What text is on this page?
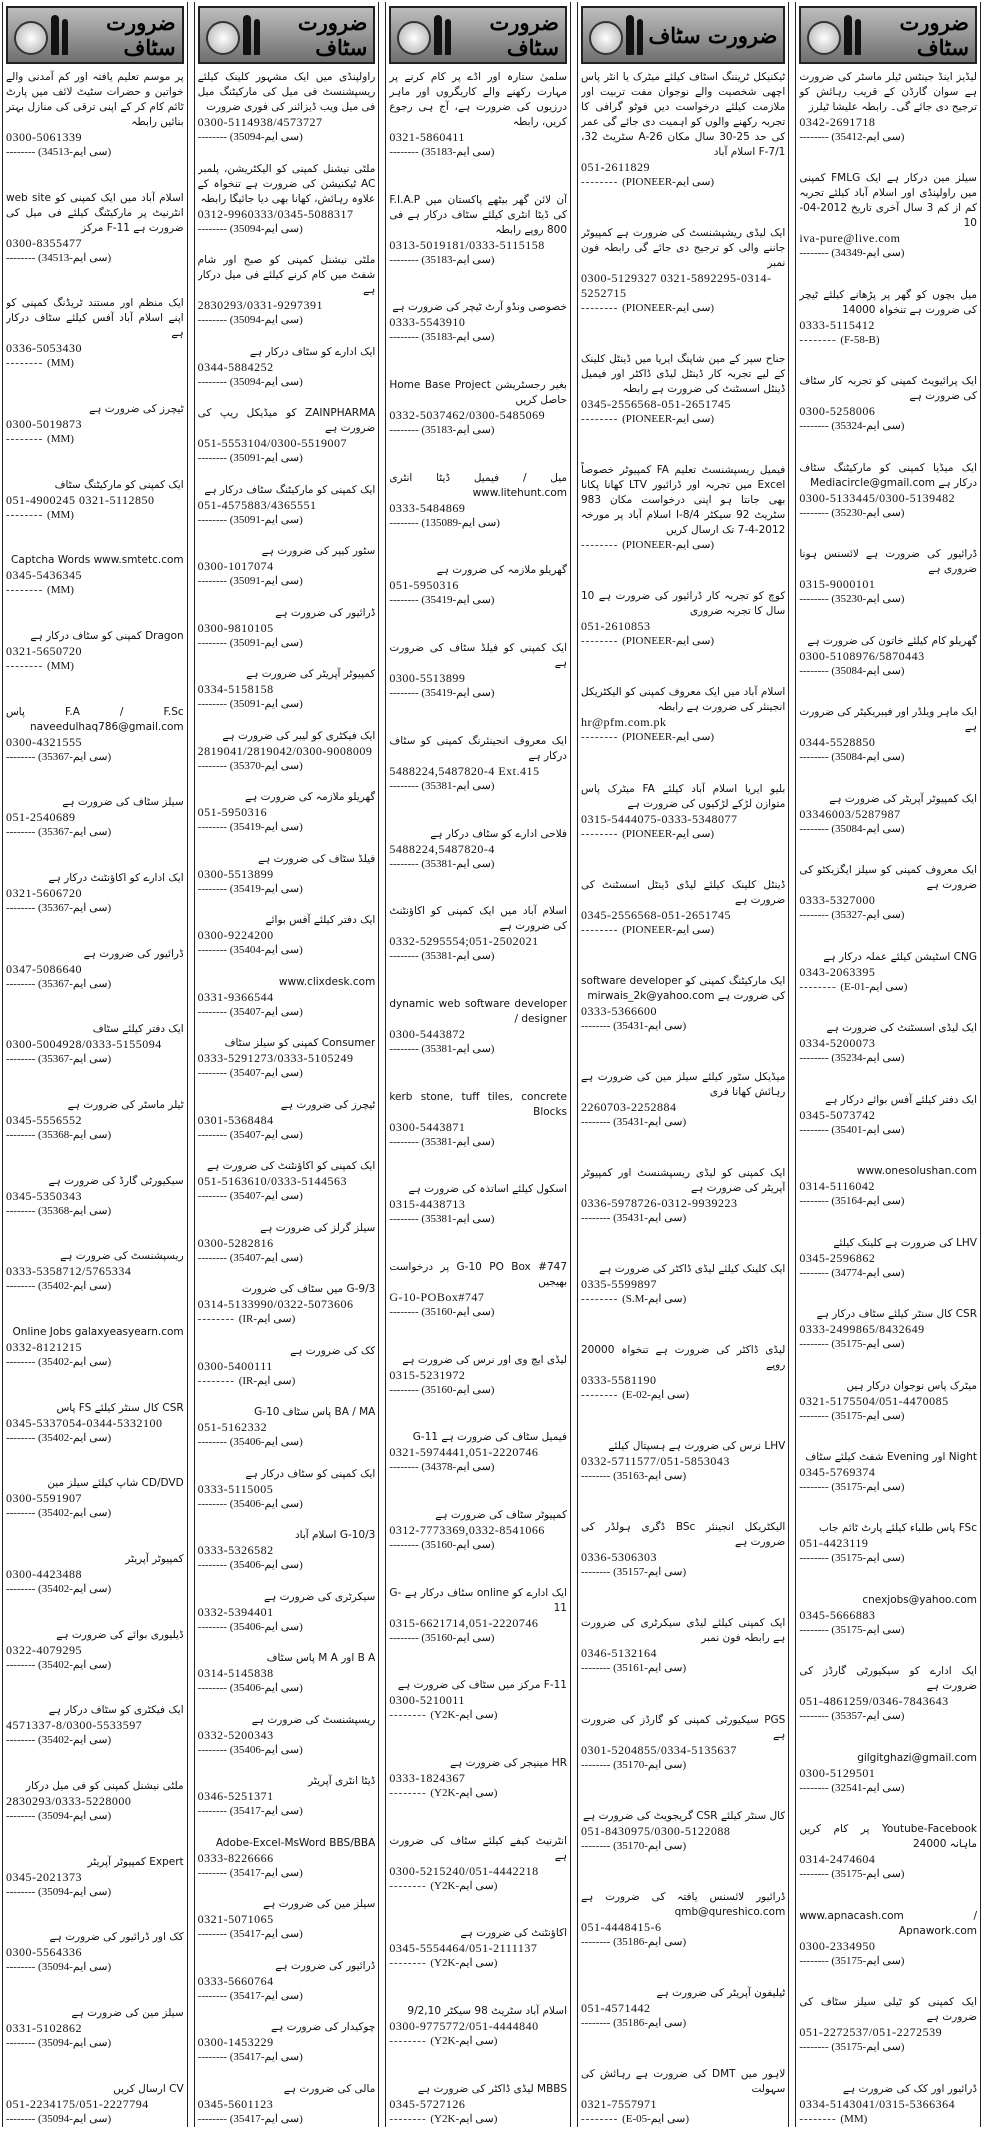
ضرورت سٹاف
لیڈیز اینڈ جینٹس ٹیلر ماسٹر کی ضرورت ہے سوان گارڈن کے قریب رہائش کو ترجیح دی جائے گی۔ رابطہ علیشا ٹیلرز
0342-2691718
----- (35412-سی ایم)
سیلز مین درکار ہے ایک FMLG کمپنی میں راولپنڈی اور اسلام آباد کیلئے تجربہ کم از کم 3 سال آخری تاریخ 2012-04-10
iva-pure@live.com
----- (34349-سی ایم)
میل بچوں کو گھر پر پڑھانے کیلئے ٹیچر کی ضرورت ہے تنخواہ 14000
0333-5115412
----- (F-58-B)
ایک پرائیویٹ کمپنی کو تجربہ کار سٹاف کی ضرورت ہے
0300-5258006
----- (35324-سی ایم)
ایک میڈیا کمپنی کو مارکیٹنگ سٹاف درکار ہے Mediacircle@gmail.com
0300-5133445/0300-5139482
----- (35230-سی ایم)
ڈرائیور کی ضرورت ہے لائسنس ہونا ضروری ہے
0315-9000101
----- (35230-سی ایم)
گھریلو کام کیلئے خاتون کی ضرورت ہے
0300-5108976/5870443
----- (35084-سی ایم)
ایک ماہر ویلڈر اور فیبریکیٹر کی ضرورت ہے
0344-5528850
----- (35084-سی ایم)
ایک کمپیوٹر آپریٹر کی ضرورت ہے
03346003/5287987
----- (35084-سی ایم)
ایک معروف کمپنی کو سیلز ایگزیکٹو کی ضرورت ہے
0333-5327000
----- (35327-سی ایم)
CNG اسٹیشن کیلئے عملہ درکار ہے
0343-2063395
----- (E-01-سی ایم)
ایک لیڈی اسسٹنٹ کی ضرورت ہے
0334-5200073
----- (35234-سی ایم)
ایک دفتر کیلئے آفس بوائے درکار ہے
0345-5073742
----- (35401-سی ایم)
www.onesolushan.com
0314-5116042
----- (35164-سی ایم)
LHV کی ضرورت ہے کلینک کیلئے
0345-2596862
----- (34774-سی ایم)
CSR کال سنٹر کیلئے سٹاف درکار ہے
0333-2499865/8432649
----- (35175-سی ایم)
میٹرک پاس نوجوان درکار ہیں
0321-5175504/051-4470085
----- (35175-سی ایم)
Night اور Evening شفٹ کیلئے سٹاف
0345-5769374
----- (35175-سی ایم)
FSc پاس طلباء کیلئے پارٹ ٹائم جاب
051-4423119
----- (35175-سی ایم)
cnexjobs@yahoo.com
0345-5666883
----- (35175-سی ایم)
ایک ادارے کو سیکیورٹی گارڈز کی ضرورت ہے
051-4861259/0346-7843643
----- (35357-سی ایم)
gilgitghazi@gmail.com
0300-5129501
----- (32541-سی ایم)
Youtube-Facebook پر کام کریں ماہانہ 24000
0314-2474604
----- (35175-سی ایم)
www.apnacash.com / Apnawork.com
0300-2334950
----- (35175-سی ایم)
ایک کمپنی کو ٹیلی سیلز سٹاف کی ضرورت ہے
051-2272537/051-2272539
----- (35175-سی ایم)
ڈرائیور اور کک کی ضرورت ہے
0334-5143041/0315-5366364
----- (MM)
ضرورت سٹاف
ٹیکنیکل ٹریننگ اسٹاف کیلئے میٹرک یا انٹر پاس اچھی شخصیت والے نوجوان مفت تربیت اور ملازمت کیلئے درخواست دیں فوٹو گرافی کا تجربہ رکھنے والوں کو اہمیت دی جائے گی عمر کی حد 25-30 سال مکان A-26 سٹریٹ 32، F-7/1 اسلام آباد
051-2611829
----- (PIONEER-سی ایم)
ایک لیڈی ریشپشنسٹ کی ضرورت ہے کمپیوٹر جاننے والی کو ترجیح دی جائے گی رابطہ فون نمبر
0300-5129327 0321-5892295-0314-5252715
----- (PIONEER-سی ایم)
جناح سپر کے مین شاپنگ ایریا میں ڈینٹل کلینک کے لیے تجربہ کار ڈینٹل لیڈی ڈاکٹر اور فیمیل ڈینٹل اسسٹنٹ کی ضرورت ہے رابطہ
0345-2556568-051-2651745
----- (PIONEER-سی ایم)
فیمیل ریسپشنسٹ تعلیم FA کمپیوٹر خصوصاً Excel میں تجربہ اور ڈرائیور LTV کھانا پکانا بھی جانتا ہو اپنی درخواست مکان 983 سٹریٹ 92 سیکٹر I-8/4 اسلام آباد پر مورخہ 2012-4-7 تک ارسال کریں
----- (PIONEER-سی ایم)
کوچ کو تجربہ کار ڈرائیور کی ضرورت ہے 10 سال کا تجربہ ضروری
051-2610853
----- (PIONEER-سی ایم)
اسلام آباد میں ایک معروف کمپنی کو الیکٹریکل انجینئر کی ضرورت ہے رابطہ
hr@pfm.com.pk
----- (PIONEER-سی ایم)
بلیو ایریا اسلام آباد کیلئے FA میٹرک پاس متوازن لڑکے لڑکیوں کی ضرورت ہے
0315-5444075-0333-5348077
----- (PIONEER-سی ایم)
ڈینٹل کلینک کیلئے لیڈی ڈینٹل اسسٹنٹ کی ضرورت ہے
0345-2556568-051-2651745
----- (PIONEER-سی ایم)
ایک مارکیٹنگ کمپنی کو software developer کی ضرورت ہے mirwais_2k@yahoo.com
0333-5366600
----- (35431-سی ایم)
میڈیکل سٹور کیلئے سیلز مین کی ضرورت ہے رہائش کھانا فری
2260703-2252884
----- (35431-سی ایم)
ایک کمپنی کو لیڈی ریسپشنسٹ اور کمپیوٹر آپریٹر کی ضرورت ہے
0336-5978726-0312-9939223
----- (35431-سی ایم)
ایک کلینک کیلئے لیڈی ڈاکٹر کی ضرورت ہے
0335-5599897
----- (S.M-سی ایم)
لیڈی ڈاکٹر کی ضرورت ہے تنخواہ 20000 روپے
0333-5581190
----- (E-02-سی ایم)
LHV نرس کی ضرورت ہے ہسپتال کیلئے
0332-5711577/051-5853043
----- (35163-سی ایم)
الیکٹریکل انجینئر BSc ڈگری ہولڈر کی ضرورت ہے
0336-5306303
----- (35157-سی ایم)
ایک کمپنی کیلئے لیڈی سیکرٹری کی ضرورت ہے رابطہ فون نمبر
0346-5132164
----- (35161-سی ایم)
PGS سیکیورٹی کمپنی کو گارڈز کی ضرورت ہے
0301-5204855/0334-5135637
----- (35170-سی ایم)
کال سنٹر کیلئے CSR گریجویٹ کی ضرورت ہے
051-8430975/0300-5122088
----- (35170-سی ایم)
ڈرائیور لائسنس یافتہ کی ضرورت ہے qmb@qureshico.com
051-4448415-6
----- (35186-سی ایم)
ٹیلیفون آپریٹر کی ضرورت ہے
051-4571442
----- (35186-سی ایم)
لاہور میں DMT کی ضرورت ہے رہائش کی سہولت
0321-7557971
----- (E-05-سی ایم)
ضرورت سٹاف
سلمیٰ ستارہ اور اڈے پر کام کرنے پر مہارت رکھنے والے کاریگروں اور ماہر درزیوں کی ضرورت ہے، آج ہی رجوع کریں، رابطہ
0321-5860411
----- (35183-سی ایم)
آن لائن گھر بیٹھے پاکستان میں F.I.A.P کی ڈیٹا انٹری کیلئے سٹاف درکار ہے فی 800 روپے رابطہ
0313-5019181/0333-5115158
----- (35183-سی ایم)
خصوصی ونڈو آرٹ ٹیچر کی ضرورت ہے
0333-5543910
----- (35183-سی ایم)
بغیر رجسٹریشن Home Base Project حاصل کریں
0332-5037462/0300-5485069
----- (35183-سی ایم)
میل / فیمیل ڈیٹا انٹری www.litehunt.com
0333-5484869
----- (135089-سی ایم)
گھریلو ملازمہ کی ضرورت ہے
051-5950316
----- (35419-سی ایم)
ایک کمپنی کو فیلڈ سٹاف کی ضرورت ہے
0300-5513899
----- (35419-سی ایم)
ایک معروف انجینئرنگ کمپنی کو سٹاف درکار ہے
5488224,5487820-4 Ext.415
----- (35381-سی ایم)
فلاحی ادارے کو سٹاف درکار ہے
5488224,5487820-4
----- (35381-سی ایم)
اسلام آباد میں ایک کمپنی کو اکاؤنٹنٹ کی ضرورت ہے
0332-5295554;051-2502021
----- (35381-سی ایم)
dynamic web software developer / designer
0300-5443872
----- (35381-سی ایم)
kerb stone, tuff tiles, concrete Blocks
0300-5443871
----- (35381-سی ایم)
اسکول کیلئے اساتذہ کی ضرورت ہے
0315-4438713
----- (35381-سی ایم)
G-10 PO Box #747 پر درخواست بھیجیں
G-10-POBox#747
----- (35160-سی ایم)
لیڈی ایچ وی اور نرس کی ضرورت ہے
0315-5231972
----- (35160-سی ایم)
فیمیل سٹاف کی ضرورت ہے G-11
0321-5974441,051-2220746
----- (34378-سی ایم)
کمپیوٹر سٹاف کی ضرورت ہے
0312-7773369,0332-8541066
----- (35160-سی ایم)
ایک ادارے کو online سٹاف درکار ہے G-11
0315-6621714,051-2220746
----- (35160-سی ایم)
F-11 مرکز میں سٹاف کی ضرورت ہے
0300-5210011
----- (Y2K-سی ایم)
HR مینیجر کی ضرورت ہے
0333-1824367
----- (Y2K-سی ایم)
انٹرنیٹ کیفے کیلئے سٹاف کی ضرورت ہے
0300-5215240/051-4442218
----- (Y2K-سی ایم)
اکاؤنٹنٹ کی ضرورت ہے
0345-5554464/051-2111137
----- (Y2K-سی ایم)
اسلام آباد سٹریٹ 98 سیکٹر 9/2,10
0300-9775772/051-4444840
----- (Y2K-سی ایم)
MBBS لیڈی ڈاکٹر کی ضرورت ہے
0345-5727126
----- (Y2K-سی ایم)
ضرورت سٹاف
راولپنڈی میں ایک مشہور کلینک کیلئے ریسپشنسٹ فی میل کی مارکیٹنگ میل فی میل ویب ڈیزائنر کی فوری ضرورت
0300-5114938/4573727
----- (35094-سی ایم)
ملٹی نیشنل کمپنی کو الیکٹریشن، پلمبر AC ٹیکنیشن کی ضرورت ہے تنخواہ کے علاوہ رہائش، کھانا بھی دیا جائیگا رابطہ
0312-9960333/0345-5088317
----- (35094-سی ایم)
ملٹی نیشنل کمپنی کو صبح اور شام شفٹ میں کام کرنے کیلئے فی میل درکار ہے
2830293/0331-9297391
----- (35094-سی ایم)
ایک ادارے کو سٹاف درکار ہے
0344-5884252
----- (35094-سی ایم)
ZAINPHARMA کو میڈیکل ریپ کی ضرورت ہے
051-5553104/0300-5519007
----- (35091-سی ایم)
ایک کمپنی کو مارکیٹنگ سٹاف درکار ہے
051-4575883/4365551
----- (35091-سی ایم)
سٹور کیپر کی ضرورت ہے
0300-1017074
----- (35091-سی ایم)
ڈرائیور کی ضرورت ہے
0300-9810105
----- (35091-سی ایم)
کمپیوٹر آپریٹر کی ضرورت ہے
0334-5158158
----- (35091-سی ایم)
ایک فیکٹری کو لیبر کی ضرورت ہے
2819041/2819042/0300-9008009
----- (35370-سی ایم)
گھریلو ملازمہ کی ضرورت ہے
051-5950316
----- (35419-سی ایم)
فیلڈ سٹاف کی ضرورت ہے
0300-5513899
----- (35419-سی ایم)
ایک دفتر کیلئے آفس بوائے
0300-9224200
----- (35404-سی ایم)
www.clixdesk.com
0331-9366544
----- (35407-سی ایم)
Consumer کمپنی کو سیلز سٹاف
0333-5291273/0333-5105249
----- (35407-سی ایم)
ٹیچرز کی ضرورت ہے
0301-5368484
----- (35407-سی ایم)
ایک کمپنی کو اکاؤنٹنٹ کی ضرورت ہے
051-5163610/0333-5144563
----- (35407-سی ایم)
سیلز گرلز کی ضرورت ہے
0300-5282816
----- (35407-سی ایم)
G-9/3 میں سٹاف کی ضرورت
0314-5133990/0322-5073606
----- (IR-سی ایم)
کک کی ضرورت ہے
0300-5400111
----- (IR-سی ایم)
BA / MA پاس سٹاف G-10
051-5162332
----- (35406-سی ایم)
ایک کمپنی کو سٹاف درکار ہے
0333-5115005
----- (35406-سی ایم)
G-10/3 اسلام آباد
0333-5326582
----- (35406-سی ایم)
سیکرٹری کی ضرورت ہے
0332-5394401
----- (35406-سی ایم)
B A اور M A پاس سٹاف
0314-5145838
----- (35406-سی ایم)
ریسپشنسٹ کی ضرورت ہے
0332-5200343
----- (35406-سی ایم)
ڈیٹا انٹری آپریٹر
0346-5251371
----- (35417-سی ایم)
Adobe-Excel-MsWord BBS/BBA
0333-8226666
----- (35417-سی ایم)
سیلز مین کی ضرورت ہے
0321-5071065
----- (35417-سی ایم)
ڈرائیور کی ضرورت ہے
0333-5660764
----- (35417-سی ایم)
چوکیدار کی ضرورت ہے
0300-1453229
----- (35417-سی ایم)
مالی کی ضرورت ہے
0345-5601123
----- (35417-سی ایم)
ضرورت سٹاف
پر موسم تعلیم یافتہ اور کم آمدنی والے خواتین و حضرات سٹیٹ لائف میں پارٹ ٹائم کام کر کے اپنی ترقی کی منازل بہتر بنائیں رابطہ
0300-5061339
----- (34513-سی ایم)
اسلام آباد میں ایک کمپنی کو web site انٹرنیٹ پر مارکیٹنگ کیلئے فی میل کی ضرورت ہے F-11 مرکز
0300-8355477
----- (34513-سی ایم)
ایک منظم اور مستند ٹریڈنگ کمپنی کو اپنے اسلام آباد آفس کیلئے سٹاف درکار ہے
0336-5053430
----- (MM)
ٹیچرز کی ضرورت ہے
0300-5019873
----- (MM)
ایک کمپنی کو مارکیٹنگ سٹاف
051-4900245 0321-5112850
----- (MM)
Captcha Words www.smtetc.com
0345-5436345
----- (MM)
Dragon کمپنی کو سٹاف درکار ہے
0321-5650720
----- (MM)
F.A / F.Sc پاس naveedulhaq786@gmail.com
0300-4321555
----- (35367-سی ایم)
سیلز سٹاف کی ضرورت ہے
051-2540689
----- (35367-سی ایم)
ایک ادارے کو اکاؤنٹنٹ درکار ہے
0321-5606720
----- (35367-سی ایم)
ڈرائیور کی ضرورت ہے
0347-5086640
----- (35367-سی ایم)
ایک دفتر کیلئے سٹاف
0300-5004928/0333-5155094
----- (35367-سی ایم)
ٹیلر ماسٹر کی ضرورت ہے
0345-5556552
----- (35368-سی ایم)
سیکیورٹی گارڈ کی ضرورت ہے
0345-5350343
----- (35368-سی ایم)
ریسپشنسٹ کی ضرورت ہے
0333-5358712/5765334
----- (35402-سی ایم)
Online Jobs galaxyeasyearn.com
0332-8121215
----- (35402-سی ایم)
CSR کال سنٹر کیلئے FS پاس
0345-5337054-0344-5332100
----- (35402-سی ایم)
CD/DVD شاپ کیلئے سیلز مین
0300-5591907
----- (35402-سی ایم)
کمپیوٹر آپریٹر
0300-4423488
----- (35402-سی ایم)
ڈیلیوری بوائے کی ضرورت ہے
0322-4079295
----- (35402-سی ایم)
ایک فیکٹری کو سٹاف درکار ہے
4571337-8/0300-5533597
----- (35402-سی ایم)
ملٹی نیشنل کمپنی کو فی میل درکار
2830293/0333-5228000
----- (35094-سی ایم)
Expert کمپیوٹر آپریٹر
0345-2021373
----- (35094-سی ایم)
کک اور ڈرائیور کی ضرورت ہے
0300-5564336
----- (35094-سی ایم)
سیلز مین کی ضرورت ہے
0331-5102862
----- (35094-سی ایم)
CV ارسال کریں
051-2234175/051-2227794
----- (35094-سی ایم)
